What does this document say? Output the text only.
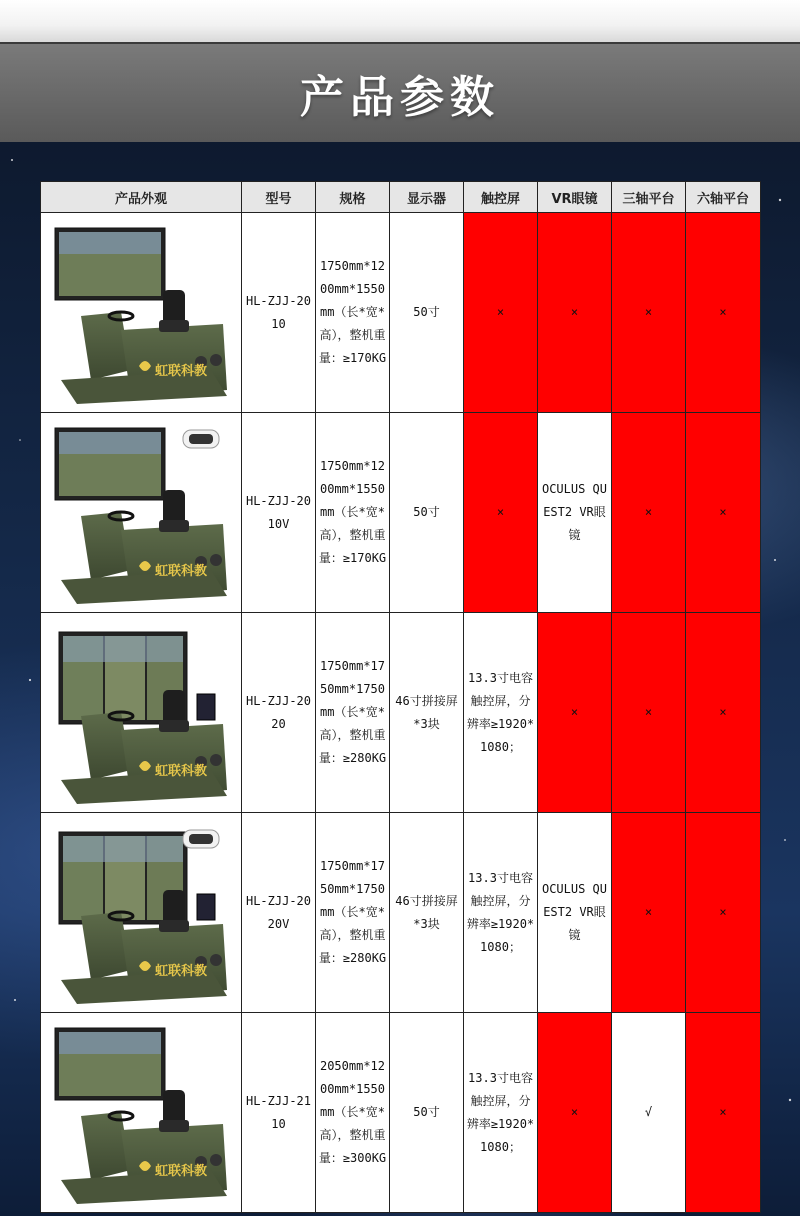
产品参数
产品外观	型号	规格	显示器	触控屏	VR眼镜	三轴平台	六轴平台

虹联科教	HL-ZJJ-2010	1750mm*1200mm*1550mm（长*宽*高），整机重量：≥170KG	50寸	×	×	×	×

虹联科教	HL-ZJJ-2010V	1750mm*1200mm*1550mm（长*宽*高），整机重量：≥170KG	50寸	×	OCULUS QUEST2 VR眼镜	×	×

虹联科教	HL-ZJJ-2020	1750mm*1750mm*1750mm（长*宽*高），整机重量：≥280KG	46寸拼接屏*3块	13.3寸电容触控屏，分辨率≥1920*1080；	×	×	×

虹联科教	HL-ZJJ-2020V	1750mm*1750mm*1750mm（长*宽*高），整机重量：≥280KG	46寸拼接屏*3块	13.3寸电容触控屏，分辨率≥1920*1080；	OCULUS QUEST2 VR眼镜	×	×

虹联科教	HL-ZJJ-2110	2050mm*1200mm*1550mm（长*宽*高），整机重量：≥300KG	50寸	13.3寸电容触控屏，分辨率≥1920*1080；	×	√	×
